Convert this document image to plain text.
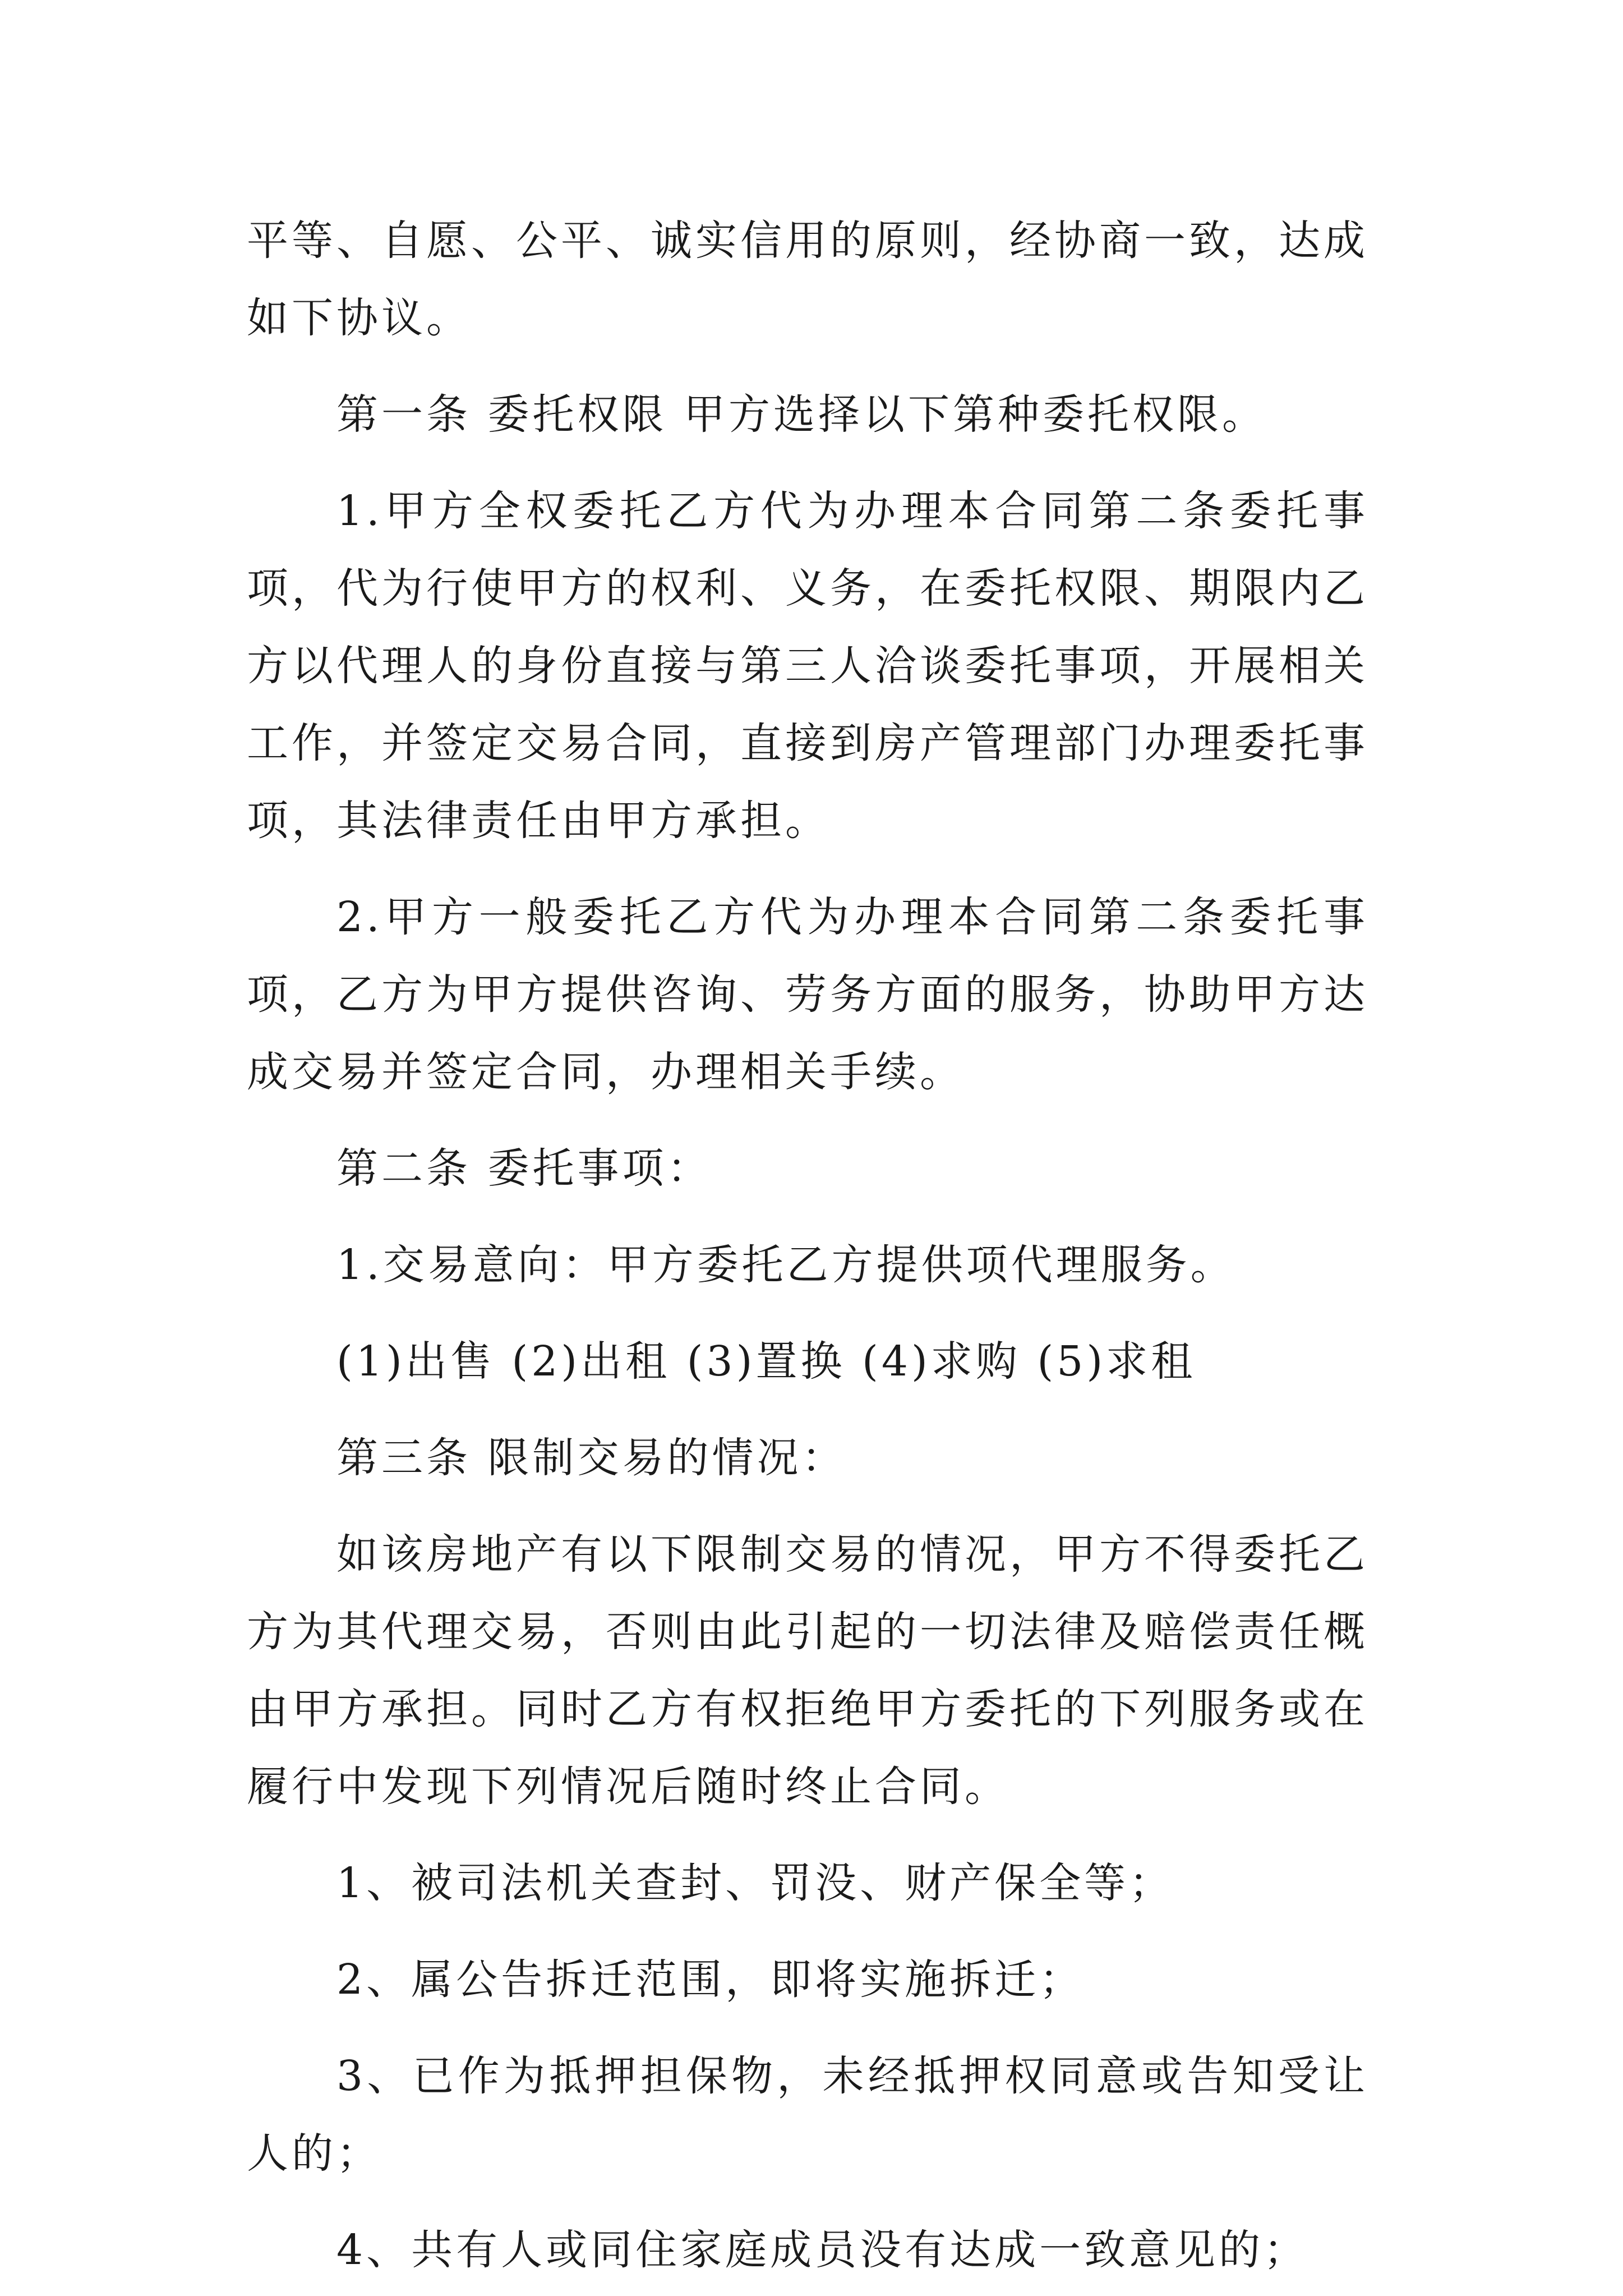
平等、自愿、公平、诚实信用的原则，经协商一致，达成如下协议。

第一条 委托权限 甲方选择以下第种委托权限。

1.甲方全权委托乙方代为办理本合同第二条委托事项，代为行使甲方的权利、义务，在委托权限、期限内乙方以代理人的身份直接与第三人洽谈委托事项，开展相关工作，并签定交易合同，直接到房产管理部门办理委托事项，其法律责任由甲方承担。

2.甲方一般委托乙方代为办理本合同第二条委托事项，乙方为甲方提供咨询、劳务方面的服务，协助甲方达成交易并签定合同，办理相关手续。

第二条 委托事项：

1.交易意向：甲方委托乙方提供项代理服务。

(1)出售 (2)出租 (3)置换 (4)求购 (5)求租

第三条 限制交易的情况：

如该房地产有以下限制交易的情况，甲方不得委托乙方为其代理交易，否则由此引起的一切法律及赔偿责任概由甲方承担。同时乙方有权拒绝甲方委托的下列服务或在履行中发现下列情况后随时终止合同。

1、被司法机关查封、罚没、财产保全等；

2、属公告拆迁范围，即将实施拆迁；

3、已作为抵押担保物，未经抵押权同意或告知受让人的；

4、共有人或同住家庭成员没有达成一致意见的；
